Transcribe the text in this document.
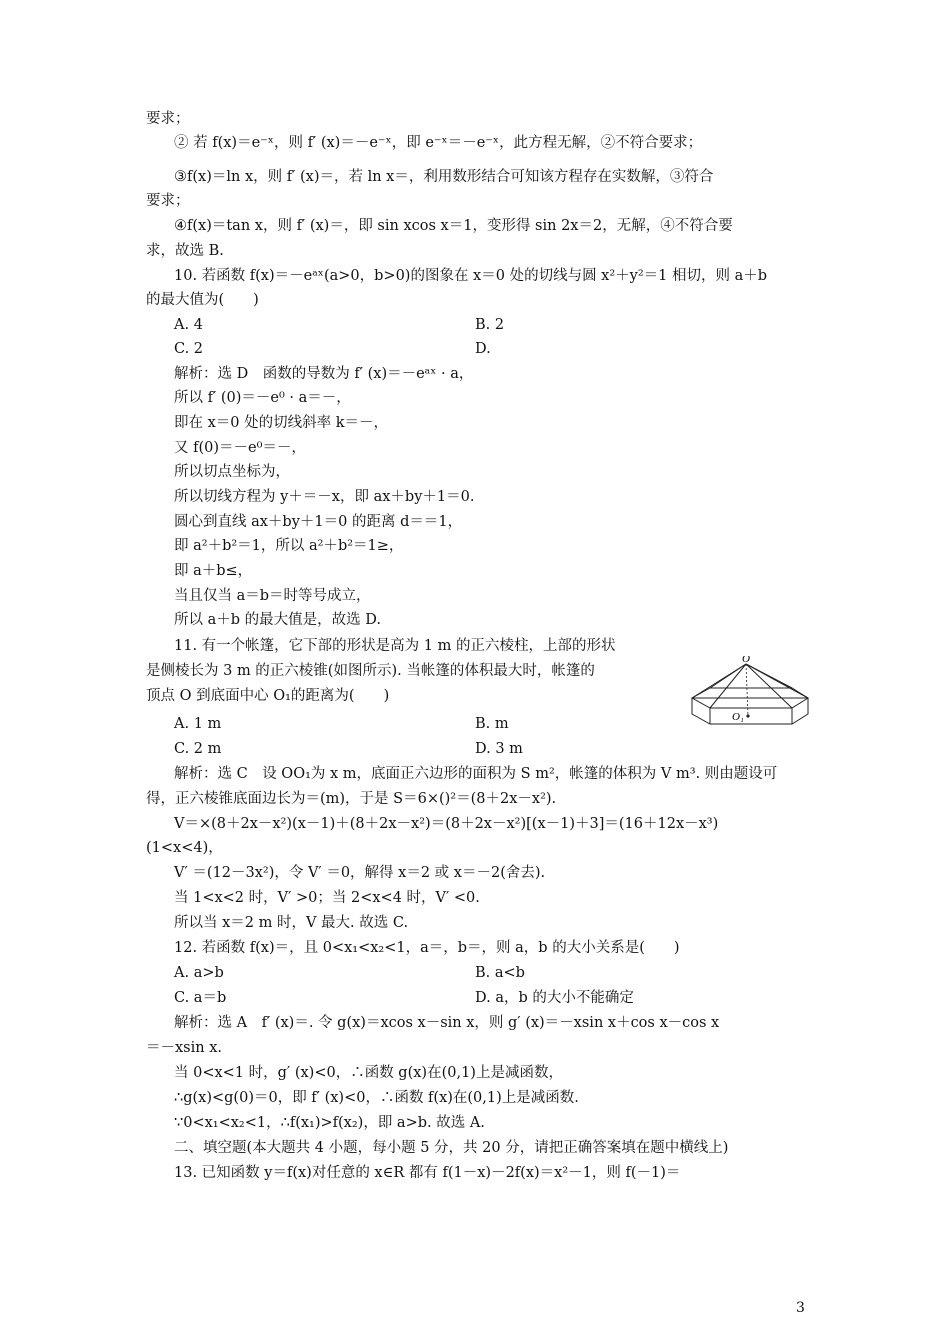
要求；
② 若 f(x)＝e⁻ˣ，则 f′ (x)＝－e⁻ˣ，即 e⁻ˣ＝－e⁻ˣ，此方程无解，②不符合要求；
③f(x)＝ln x，则 f′ (x)＝，若 ln x＝，利用数形结合可知该方程存在实数解，③符合
要求；
④f(x)＝tan x，则 f′ (x)＝，即 sin xcos x＝1，变形得 sin 2x＝2，无解，④不符合要
求，故选 B.
10. 若函数 f(x)＝－eᵃˣ(a>0，b>0)的图象在 x＝0 处的切线与圆 x²＋y²＝1 相切，则 a＋b
的最大值为(　　)
A. 4
C. 2
解析：选 D　函数的导数为 f′ (x)＝－eᵃˣ · a，
所以 f′ (0)＝－e⁰ · a＝－，
即在 x＝0 处的切线斜率 k＝－，
又 f(0)＝－e⁰＝－，
所以切点坐标为，
所以切线方程为 y＋＝－x，即 ax＋by＋1＝0.
圆心到直线 ax＋by＋1＝0 的距离 d＝＝1，
即 a²＋b²＝1，所以 a²＋b²＝1≥，
即 a＋b≤，
当且仅当 a＝b＝时等号成立，
所以 a＋b 的最大值是，故选 D.
11. 有一个帐篷，它下部的形状是高为 1 m 的正六棱柱，上部的形状
是侧棱长为 3 m 的正六棱锥(如图所示). 当帐篷的体积最大时，帐篷的
顶点 O 到底面中心 O₁的距离为(　　)
A. 1 m
C. 2 m
解析：选 C　设 OO₁为 x m，底面正六边形的面积为 S m²，帐篷的体积为 V m³. 则由题设可
得，正六棱锥底面边长为＝(m)，于是 S＝6×()²＝(8＋2x－x²).
V＝×(8＋2x－x²)(x－1)＋(8＋2x－x²)＝(8＋2x－x²)[(x－1)＋3]＝(16＋12x－x³)
(1<x<4)，
V′ ＝(12－3x²)，令 V′ ＝0，解得 x＝2 或 x＝－2(舍去).
当 1<x<2 时，V′ >0；当 2<x<4 时，V′ <0.
所以当 x＝2 m 时，V 最大. 故选 C.
12. 若函数 f(x)＝，且 0<x₁<x₂<1，a＝，b＝，则 a，b 的大小关系是(　　)
A. a>b
C. a＝b
解析：选 A　f′ (x)＝. 令 g(x)＝xcos x－sin x，则 g′ (x)＝－xsin x＋cos x－cos x
＝－xsin x.
当 0<x<1 时，g′ (x)<0，∴函数 g(x)在(0,1)上是减函数，
∴g(x)<g(0)＝0，即 f′ (x)<0，∴函数 f(x)在(0,1)上是减函数.
∵0<x₁<x₂<1，∴f(x₁)>f(x₂)，即 a>b. 故选 A.
二、填空题(本大题共 4 小题，每小题 5 分，共 20 分，请把正确答案填在题中横线上)
13. 已知函数 y＝f(x)对任意的 x∈R 都有 f(1－x)－2f(x)＝x²－1，则 f(－1)＝
B. 2
D.
B. m
D. 3 m
B. a<b
D. a，b 的大小不能确定
O
O₁
3
